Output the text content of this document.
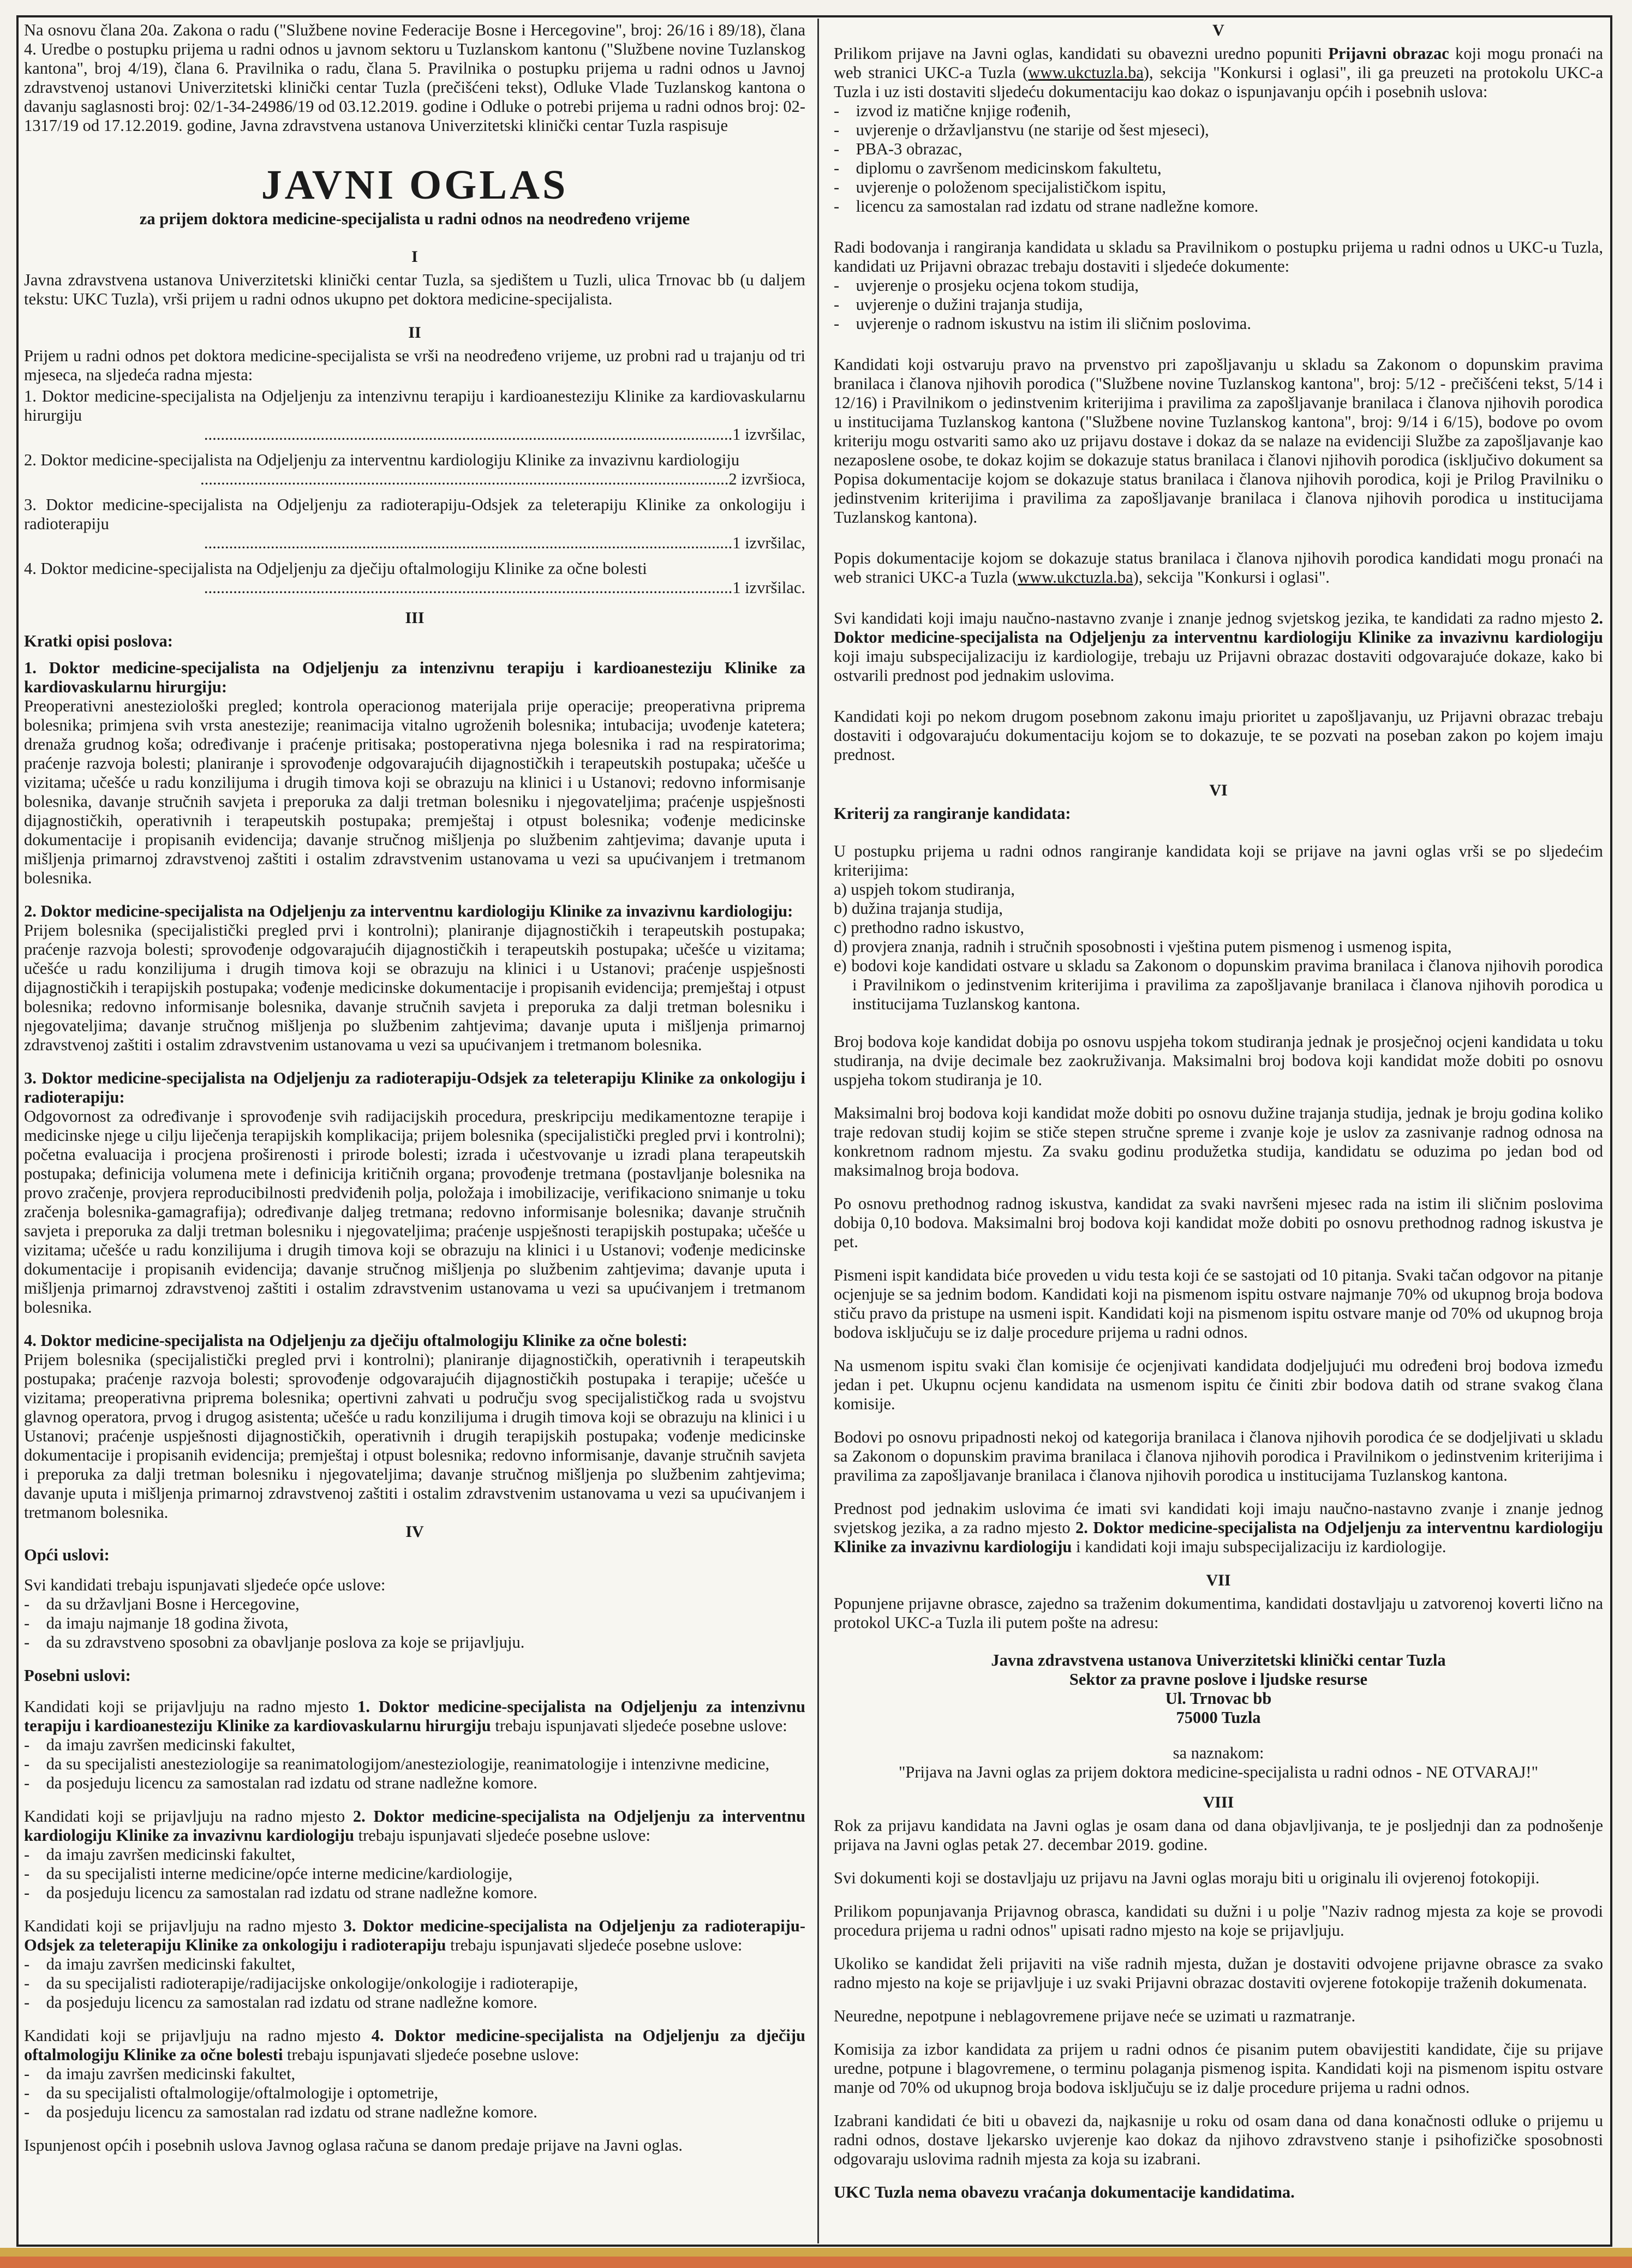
Na osnovu člana 20a. Zakona o radu ("Službene novine Federacije Bosne i Hercegovine", broj: 26/16 i 89/18), člana 4. Uredbe o postupku prijema u radni odnos u javnom sektoru u Tuzlanskom kantonu ("Službene novine Tuzlanskog kantona", broj 4/19), člana 6. Pravilnika o radu, člana 5. Pravilnika o postupku prijema u radni odnos u Javnoj zdravstvenoj ustanovi Univerzitetski klinički centar Tuzla (prečišćeni tekst), Odluke Vlade Tuzlanskog kantona o davanju saglasnosti broj: 02/1-34-24986/19 od 03.12.2019. godine i Odluke o potrebi prijema u radni odnos broj: 02-1317/19 od 17.12.2019. godine, Javna zdravstvena ustanova Univerzitetski klinički centar Tuzla raspisuje

JAVNI OGLAS
za prijem doktora medicine-specijalista u radni odnos na neodređeno vrijeme
I

Javna zdravstvena ustanova Univerzitetski klinički centar Tuzla, sa sjedištem u Tuzli, ulica Trnovac bb (u daljem tekstu: UKC Tuzla), vrši prijem u radni odnos ukupno pet doktora medicine-specijalista.

II

Prijem u radni odnos pet doktora medicine-specijalista se vrši na neodređeno vrijeme, uz probni rad u trajanju od tri mjeseca, na sljedeća radna mjesta:

1. Doktor medicine-specijalista na Odjeljenju za intenzivnu terapiju i kardioanesteziju Klinike za kardiovaskularnu hirurgiju
...............................................................................................................................1 izvršilac,
2. Doktor medicine-specijalista na Odjeljenju za interventnu kardiologiju Klinike za invazivnu kardiologiju
...............................................................................................................................2 izvršioca,
3. Doktor medicine-specijalista na Odjeljenju za radioterapiju-Odsjek za teleterapiju Klinike za onkologiju i radioterapiju
...............................................................................................................................1 izvršilac,
4. Doktor medicine-specijalista na Odjeljenju za dječiju oftalmologiju Klinike za očne bolesti
...............................................................................................................................1 izvršilac.
III

Kratki opisi poslova:

1. Doktor medicine-specijalista na Odjeljenju za intenzivnu terapiju i kardioanesteziju Klinike za kardiovaskularnu hirurgiju:

Preoperativni anesteziološki pregled; kontrola operacionog materijala prije operacije; preoperativna priprema bolesnika; primjena svih vrsta anestezije; reanimacija vitalno ugroženih bolesnika; intubacija; uvođenje katetera; drenaža grudnog koša; određivanje i praćenje pritisaka; postoperativna njega bolesnika i rad na respiratorima; praćenje razvoja bolesti; planiranje i sprovođenje odgovarajućih dijagnostičkih i terapeutskih postupaka; učešće u vizitama; učešće u radu konzilijuma i drugih timova koji se obrazuju na klinici i u Ustanovi; redovno informisanje bolesnika, davanje stručnih savjeta i preporuka za dalji tretman bolesniku i njegovateljima; praćenje uspješnosti dijagnostičkih, operativnih i terapeutskih postupaka; premještaj i otpust bolesnika; vođenje medicinske dokumentacije i propisanih evidencija; davanje stručnog mišljenja po službenim zahtjevima; davanje uputa i mišljenja primarnoj zdravstvenoj zaštiti i ostalim zdravstvenim ustanovama u vezi sa upućivanjem i tretmanom bolesnika.

2. Doktor medicine-specijalista na Odjeljenju za interventnu kardiologiju Klinike za invazivnu kardiologiju:

Prijem bolesnika (specijalistički pregled prvi i kontrolni); planiranje dijagnostičkih i terapeutskih postupaka; praćenje razvoja bolesti; sprovođenje odgovarajućih dijagnostičkih i terapeutskih postupaka; učešće u vizitama; učešće u radu konzilijuma i drugih timova koji se obrazuju na klinici i u Ustanovi; praćenje uspješnosti dijagnostičkih i terapijskih postupaka; vođenje medicinske dokumentacije i propisanih evidencija; premještaj i otpust bolesnika; redovno informisanje bolesnika, davanje stručnih savjeta i preporuka za dalji tretman bolesniku i njegovateljima; davanje stručnog mišljenja po službenim zahtjevima; davanje uputa i mišljenja primarnoj zdravstvenoj zaštiti i ostalim zdravstvenim ustanovama u vezi sa upućivanjem i tretmanom bolesnika.

3. Doktor medicine-specijalista na Odjeljenju za radioterapiju-Odsjek za teleterapiju Klinike za onkologiju i radioterapiju:

Odgovornost za određivanje i sprovođenje svih radijacijskih procedura, preskripciju medikamentozne terapije i medicinske njege u cilju liječenja terapijskih komplikacija; prijem bolesnika (specijalistički pregled prvi i kontrolni); početna evaluacija i procjena proširenosti i prirode bolesti; izrada i učestvovanje u izradi plana terapeutskih postupaka; definicija volumena mete i definicija kritičnih organa; provođenje tretmana (postavljanje bolesnika na provo zračenje, provjera reproducibilnosti predviđenih polja, položaja i imobilizacije, verifikaciono snimanje u toku zračenja bolesnika-gamagrafija); određivanje daljeg tretmana; redovno informisanje bolesnika; davanje stručnih savjeta i preporuka za dalji tretman bolesniku i njegovateljima; praćenje uspješnosti terapijskih postupaka; učešće u vizitama; učešće u radu konzilijuma i drugih timova koji se obrazuju na klinici i u Ustanovi; vođenje medicinske dokumentacije i propisanih evidencija; davanje stručnog mišljenja po službenim zahtjevima; davanje uputa i mišljenja primarnoj zdravstvenoj zaštiti i ostalim zdravstvenim ustanovama u vezi sa upućivanjem i tretmanom bolesnika.

4. Doktor medicine-specijalista na Odjeljenju za dječiju oftalmologiju Klinike za očne bolesti:

Prijem bolesnika (specijalistički pregled prvi i kontrolni); planiranje dijagnostičkih, operativnih i terapeutskih postupaka; praćenje razvoja bolesti; sprovođenje odgovarajućih dijagnostičkih postupaka i terapije; učešće u vizitama; preoperativna priprema bolesnika; opertivni zahvati u području svog specijalističkog rada u svojstvu glavnog operatora, prvog i drugog asistenta; učešće u radu konzilijuma i drugih timova koji se obrazuju na klinici i u Ustanovi; praćenje uspješnosti dijagnostičkih, operativnih i drugih terapijskih postupaka; vođenje medicinske dokumentacije i propisanih evidencija; premještaj i otpust bolesnika; redovno informisanje, davanje stručnih savjeta i preporuka za dalji tretman bolesniku i njegovateljima; davanje stručnog mišljenja po službenim zahtjevima; davanje uputa i mišljenja primarnoj zdravstvenoj zaštiti i ostalim zdravstvenim ustanovama u vezi sa upućivanjem i tretmanom bolesnika.

IV

Opći uslovi:

Svi kandidati trebaju ispunjavati sljedeće opće uslove:

-    da su državljani Bosne i Hercegovine,
-    da imaju najmanje 18 godina života,
-    da su zdravstveno sposobni za obavljanje poslova za koje se prijavljuju.

Posebni uslovi:

Kandidati koji se prijavljuju na radno mjesto 1. Doktor medicine-specijalista na Odjeljenju za intenzivnu terapiju i kardioanesteziju Klinike za kardiovaskularnu hirurgiju trebaju ispunjavati sljedeće posebne uslove:

-    da imaju završen medicinski fakultet,
-    da su specijalisti anesteziologije sa reanimatologijom/anesteziologije, reanimatologije i intenzivne medicine,
-    da posjeduju licencu za samostalan rad izdatu od strane nadležne komore.

Kandidati koji se prijavljuju na radno mjesto 2. Doktor medicine-specijalista na Odjeljenju za interventnu kardiologiju Klinike za invazivnu kardiologiju trebaju ispunjavati sljedeće posebne uslove:

-    da imaju završen medicinski fakultet,
-    da su specijalisti interne medicine/opće interne medicine/kardiologije,
-    da posjeduju licencu za samostalan rad izdatu od strane nadležne komore.

Kandidati koji se prijavljuju na radno mjesto 3. Doktor medicine-specijalista na Odjeljenju za radioterapiju-Odsjek za teleterapiju Klinike za onkologiju i radioterapiju trebaju ispunjavati sljedeće posebne uslove:

-    da imaju završen medicinski fakultet,
-    da su specijalisti radioterapije/radijacijske onkologije/onkologije i radioterapije,
-    da posjeduju licencu za samostalan rad izdatu od strane nadležne komore.

Kandidati koji se prijavljuju na radno mjesto 4. Doktor medicine-specijalista na Odjeljenju za dječiju oftalmologiju Klinike za očne bolesti trebaju ispunjavati sljedeće posebne uslove:

-    da imaju završen medicinski fakultet,
-    da su specijalisti oftalmologije/oftalmologije i optometrije,
-    da posjeduju licencu za samostalan rad izdatu od strane nadležne komore.

Ispunjenost općih i posebnih uslova Javnog oglasa računa se danom predaje prijave na Javni oglas.

V

Prilikom prijave na Javni oglas, kandidati su obavezni uredno popuniti Prijavni obrazac koji mogu pronaći na web stranici UKC-a Tuzla (www.ukctuzla.ba), sekcija "Konkursi i oglasi", ili ga preuzeti na protokolu UKC-a Tuzla i uz isti dostaviti sljedeću dokumentaciju kao dokaz o ispunjavanju općih i posebnih uslova:

-    izvod iz matične knjige rođenih,
-    uvjerenje o državljanstvu (ne starije od šest mjeseci),
-    PBA-3 obrazac,
-    diplomu o završenom medicinskom fakultetu,
-    uvjerenje o položenom specijalističkom ispitu,
-    licencu za samostalan rad izdatu od strane nadležne komore.

Radi bodovanja i rangiranja kandidata u skladu sa Pravilnikom o postupku prijema u radni odnos u UKC-u Tuzla, kandidati uz Prijavni obrazac trebaju dostaviti i sljedeće dokumente:

-    uvjerenje o prosjeku ocjena tokom studija,
-    uvjerenje o dužini trajanja studija,
-    uvjerenje o radnom iskustvu na istim ili sličnim poslovima.

Kandidati koji ostvaruju pravo na prvenstvo pri zapošljavanju u skladu sa Zakonom o dopunskim pravima branilaca i članova njihovih porodica ("Službene novine Tuzlanskog kantona", broj: 5/12 - prečišćeni tekst, 5/14 i 12/16) i Pravilnikom o jedinstvenim kriterijima i pravilima za zapošljavanje branilaca i članova njihovih porodica u institucijama Tuzlanskog kantona ("Službene novine Tuzlanskog kantona", broj: 9/14 i 6/15), bodove po ovom kriteriju mogu ostvariti samo ako uz prijavu dostave i dokaz da se nalaze na evidenciji Službe za zapošljavanje kao nezaposlene osobe, te dokaz kojim se dokazuje status branilaca i članovi njihovih porodica (isključivo dokument sa Popisa dokumentacije kojom se dokazuje status branilaca i članova njihovih porodica, koji je Prilog Pravilniku o jedinstvenim kriterijima i pravilima za zapošljavanje branilaca i članova njihovih porodica u institucijama Tuzlanskog kantona).

Popis dokumentacije kojom se dokazuje status branilaca i članova njihovih porodica kandidati mogu pronaći na web stranici UKC-a Tuzla (www.ukctuzla.ba), sekcija "Konkursi i oglasi".

Svi kandidati koji imaju naučno-nastavno zvanje i znanje jednog svjetskog jezika, te kandidati za radno mjesto 2. Doktor medicine-specijalista na Odjeljenju za interventnu kardiologiju Klinike za invazivnu kardiologiju koji imaju subspecijalizaciju iz kardiologije, trebaju uz Prijavni obrazac dostaviti odgovarajuće dokaze, kako bi ostvarili prednost pod jednakim uslovima.

Kandidati koji po nekom drugom posebnom zakonu imaju prioritet u zapošljavanju, uz Prijavni obrazac trebaju dostaviti i odgovarajuću dokumentaciju kojom se to dokazuje, te se pozvati na poseban zakon po kojem imaju prednost.

VI

Kriterij za rangiranje kandidata:

U postupku prijema u radni odnos rangiranje kandidata koji se prijave na javni oglas vrši se po sljedećim kriterijima:

a) uspjeh tokom studiranja,
b) dužina trajanja studija,
c) prethodno radno iskustvo,
d) provjera znanja, radnih i stručnih sposobnosti i vještina putem pismenog i usmenog ispita,
e) bodovi koje kandidati ostvare u skladu sa Zakonom o dopunskim pravima branilaca i članova njihovih porodica i Pravilnikom o jedinstvenim kriterijima i pravilima za zapošljavanje branilaca i članova njihovih porodica u institucijama Tuzlanskog kantona.

Broj bodova koje kandidat dobija po osnovu uspjeha tokom studiranja jednak je prosječnoj ocjeni kandidata u toku studiranja, na dvije decimale bez zaokruživanja. Maksimalni broj bodova koji kandidat može dobiti po osnovu uspjeha tokom studiranja je 10.

Maksimalni broj bodova koji kandidat može dobiti po osnovu dužine trajanja studija, jednak je broju godina koliko traje redovan studij kojim se stiče stepen stručne spreme i zvanje koje je uslov za zasnivanje radnog odnosa na konkretnom radnom mjestu. Za svaku godinu produžetka studija, kandidatu se oduzima po jedan bod od maksimalnog broja bodova.

Po osnovu prethodnog radnog iskustva, kandidat za svaki navršeni mjesec rada na istim ili sličnim poslovima dobija 0,10 bodova. Maksimalni broj bodova koji kandidat može dobiti po osnovu prethodnog radnog iskustva je pet.

Pismeni ispit kandidata biće proveden u vidu testa koji će se sastojati od 10 pitanja. Svaki tačan odgovor na pitanje ocjenjuje se sa jednim bodom. Kandidati koji na pismenom ispitu ostvare najmanje 70% od ukupnog broja bodova stiču pravo da pristupe na usmeni ispit. Kandidati koji na pismenom ispitu ostvare manje od 70% od ukupnog broja bodova isključuju se iz dalje procedure prijema u radni odnos.

Na usmenom ispitu svaki član komisije će ocjenjivati kandidata dodjeljujući mu određeni broj bodova između jedan i pet. Ukupnu ocjenu kandidata na usmenom ispitu će činiti zbir bodova datih od strane svakog člana komisije.

Bodovi po osnovu pripadnosti nekoj od kategorija branilaca i članova njihovih porodica će se dodjeljivati u skladu sa Zakonom o dopunskim pravima branilaca i članova njihovih porodica i Pravilnikom o jedinstvenim kriterijima i pravilima za zapošljavanje branilaca i članova njihovih porodica u institucijama Tuzlanskog kantona.

Prednost pod jednakim uslovima će imati svi kandidati koji imaju naučno-nastavno zvanje i znanje jednog svjetskog jezika, a za radno mjesto 2. Doktor medicine-specijalista na Odjeljenju za interventnu kardiologiju Klinike za invazivnu kardiologiju i kandidati koji imaju subspecijalizaciju iz kardiologije.

VII

Popunjene prijavne obrasce, zajedno sa traženim dokumentima, kandidati dostavljaju u zatvorenoj koverti lično na protokol UKC-a Tuzla ili putem pošte na adresu:

Javna zdravstvena ustanova Univerzitetski klinički centar Tuzla
Sektor za pravne poslove i ljudske resurse
Ul. Trnovac bb
75000 Tuzla
sa naznakom:
"Prijava na Javni oglas za prijem doktora medicine-specijalista u radni odnos - NE OTVARAJ!"
VIII

Rok za prijavu kandidata na Javni oglas je osam dana od dana objavljivanja, te je posljednji dan za podnošenje prijava na Javni oglas petak 27. decembar 2019. godine.

Svi dokumenti koji se dostavljaju uz prijavu na Javni oglas moraju biti u originalu ili ovjerenoj fotokopiji.

Prilikom popunjavanja Prijavnog obrasca, kandidati su dužni i u polje "Naziv radnog mjesta za koje se provodi procedura prijema u radni odnos" upisati radno mjesto na koje se prijavljuju.

Ukoliko se kandidat želi prijaviti na više radnih mjesta, dužan je dostaviti odvojene prijavne obrasce za svako radno mjesto na koje se prijavljuje i uz svaki Prijavni obrazac dostaviti ovjerene fotokopije traženih dokumenata.

Neuredne, nepotpune i neblagovremene prijave neće se uzimati u razmatranje.

Komisija za izbor kandidata za prijem u radni odnos će pisanim putem obavijestiti kandidate, čije su prijave uredne, potpune i blagovremene, o terminu polaganja pismenog ispita. Kandidati koji na pismenom ispitu ostvare manje od 70% od ukupnog broja bodova isključuju se iz dalje procedure prijema u radni odnos.

Izabrani kandidati će biti u obavezi da, najkasnije u roku od osam dana od dana konačnosti odluke o prijemu u radni odnos, dostave ljekarsko uvjerenje kao dokaz da njihovo zdravstveno stanje i psihofizičke sposobnosti odgovaraju uslovima radnih mjesta za koja su izabrani.

UKC Tuzla nema obavezu vraćanja dokumentacije kandidatima.
